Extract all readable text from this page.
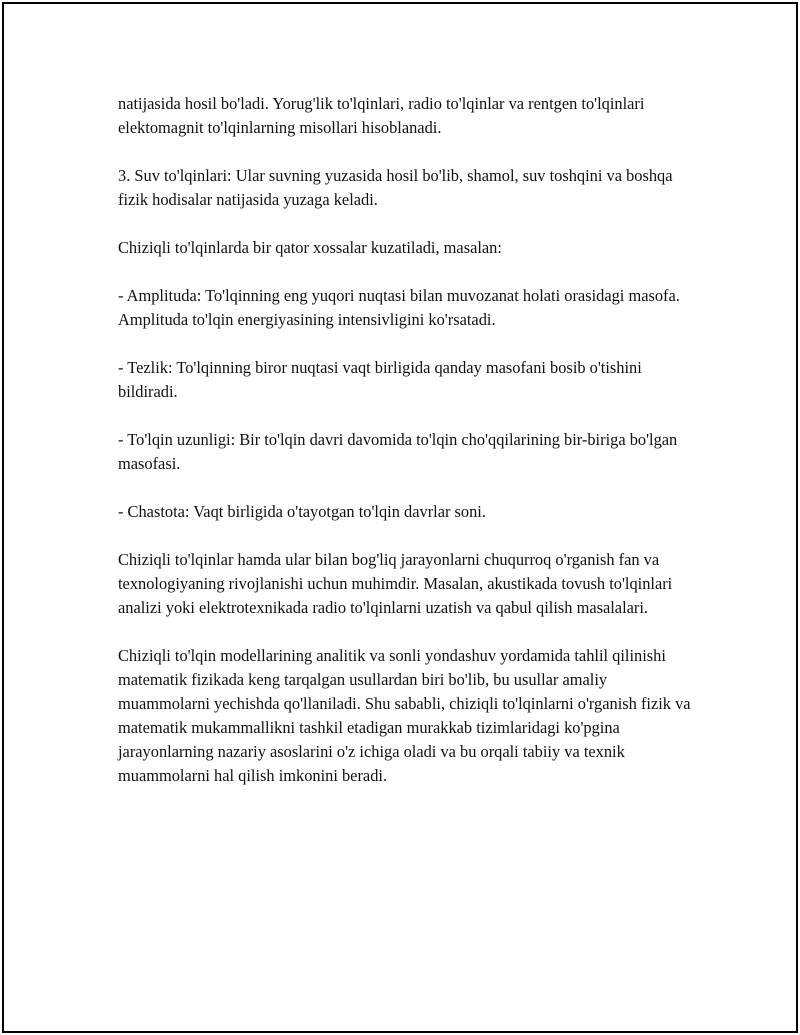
natijasida hosil bo'ladi. Yorug'lik to'lqinlari, radio to'lqinlar va rentgen to'lqinlari elektomagnit to'lqinlarning misollari hisoblanadi.

3. Suv to'lqinlari: Ular suvning yuzasida hosil bo'lib, shamol, suv toshqini va boshqa fizik hodisalar natijasida yuzaga keladi.

Chiziqli to'lqinlarda bir qator xossalar kuzatiladi, masalan:

- Amplituda: To'lqinning eng yuqori nuqtasi bilan muvozanat holati orasidagi masofa. Amplituda to'lqin energiyasining intensivligini ko'rsatadi.

- Tezlik: To'lqinning biror nuqtasi vaqt birligida qanday masofani bosib o'tishini bildiradi.

- To'lqin uzunligi: Bir to'lqin davri davomida to'lqin cho'qqilarining bir-biriga bo'lgan masofasi.

- Chastota: Vaqt birligida o'tayotgan to'lqin davrlar soni.

Chiziqli to'lqinlar hamda ular bilan bog'liq jarayonlarni chuqurroq o'rganish fan va texnologiyaning rivojlanishi uchun muhimdir. Masalan, akustikada tovush to'lqinlari analizi yoki elektrotexnikada radio to'lqinlarni uzatish va qabul qilish masalalari.

Chiziqli to'lqin modellarining analitik va sonli yondashuv yordamida tahlil qilinishi matematik fizikada keng tarqalgan usullardan biri bo'lib, bu usullar amaliy muammolarni yechishda qo'llaniladi. Shu sababli, chiziqli to'lqinlarni o'rganish fizik va matematik mukammallikni tashkil etadigan murakkab tizimlaridagi ko'pgina jarayonlarning nazariy asoslarini o'z ichiga oladi va bu orqali tabiiy va texnik muammolarni hal qilish imkonini beradi.
